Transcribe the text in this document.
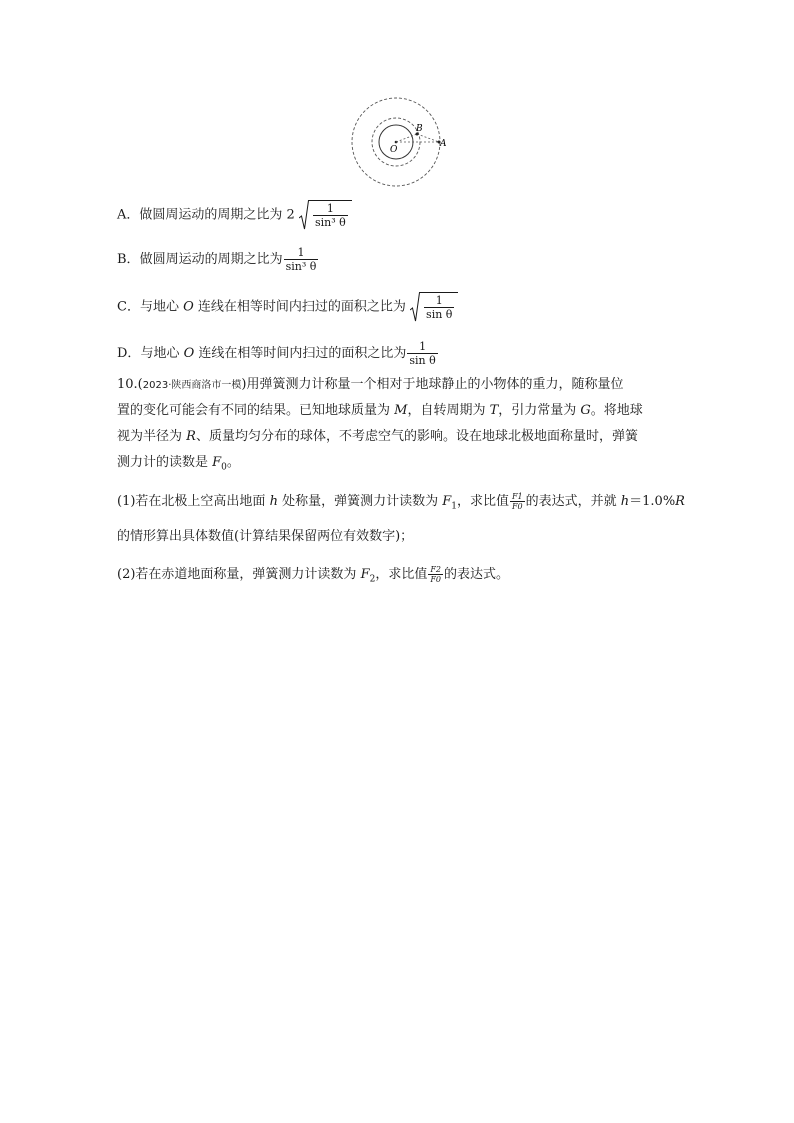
A
B
O
A．做圆周运动的周期之比为 $2 \frac{1}{\text{sin³ θ}}$
B．做圆周运动的周期之比为 $\frac{1}{\text{sin³ θ}}$
C．与地心 O 连线在相等时间内扫过的面积之比为 $\frac{1}{\text{sin θ}}$
D．与地心 O 连线在相等时间内扫过的面积之比为 $\frac{1}{\text{sin θ}}$
10.(2023·陕西商洛市一模)用弹簧测力计称量一个相对于地球静止的小物体的重力，随称量位
置的变化可能会有不同的结果。已知地球质量为 M，自转周期为 T，引力常量为 G。将地球
视为半径为 R、质量均匀分布的球体，不考虑空气的影响。设在地球北极地面称量时，弹簧
测力计的读数是 $F_0$。
(1)若在北极上空高出地面 h 处称量，弹簧测力计读数为 $F_1$，求比值 $\frac{F1}{F0}$ 的表达式，并就 h＝1.0%R
的情形算出具体数值(计算结果保留两位有效数字)；
(2)若在赤道地面称量，弹簧测力计读数为 $F_2$，求比值 $\frac{F2}{F0}$ 的表达式。
